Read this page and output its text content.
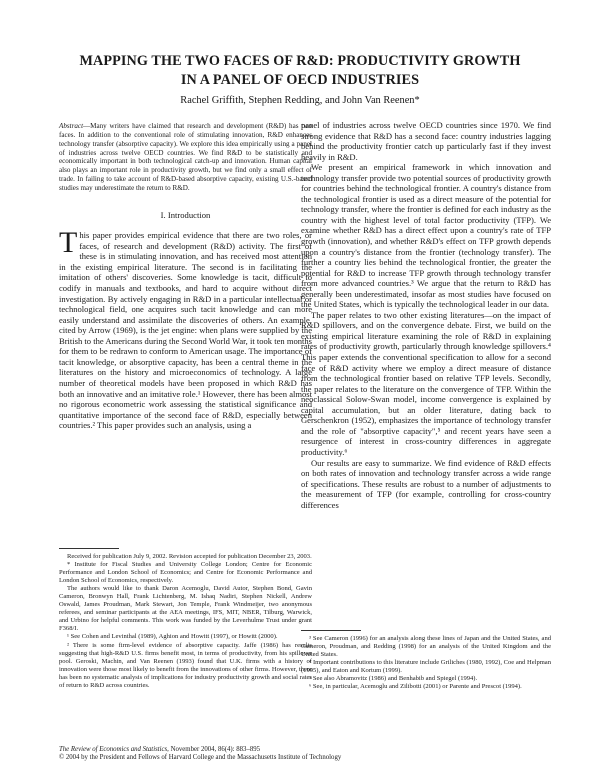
MAPPING THE TWO FACES OF R&D: PRODUCTIVITY GROWTH
IN A PANEL OF OECD INDUSTRIES
Rachel Griffith, Stephen Redding, and John Van Reenen*
Abstract—Many writers have claimed that research and development (R&D) has two faces. In addition to the conventional role of stimulating innovation, R&D enhances technology transfer (absorptive capacity). We explore this idea empirically using a panel of industries across twelve OECD countries. We find R&D to be statistically and economically important in both technological catch-up and innovation. Human capital also plays an important role in productivity growth, but we find only a small effect of trade. In failing to take account of R&D-based absorptive capacity, existing U.S.-based studies may underestimate the return to R&D.
I. Introduction
This paper provides empirical evidence that there are two roles, or faces, of research and development (R&D) activity. The first of these is in stimulating innovation, and has received most attention in the existing empirical literature. The second is in facilitating the imitation of others' discoveries. Some knowledge is tacit, difficult to codify in manuals and textbooks, and hard to acquire without direct investigation. By actively engaging in R&D in a particular intellectual or technological field, one acquires such tacit knowledge and can more easily understand and assimilate the discoveries of others. An example, cited by Arrow (1969), is the jet engine: when plans were supplied by the British to the Americans during the Second World War, it took ten months for them to be redrawn to conform to American usage. The importance of tacit knowledge, or absorptive capacity, has been a central theme in the literatures on the history and microeconomics of technology. A large number of theoretical models have been proposed in which R&D has both an innovative and an imitative role.¹ However, there has been almost no rigorous econometric work assessing the statistical significance and quantitative importance of the second face of R&D, especially between countries.² This paper provides such an analysis, using a

Received for publication July 9, 2002. Revision accepted for publication December 23, 2003.

* Institute for Fiscal Studies and University College London; Centre for Economic Performance and London School of Economics; and Centre for Economic Performance and London School of Economics, respectively.

The authors would like to thank Daron Acemoglu, David Autor, Stephen Bond, Gavin Cameron, Bronwyn Hall, Frank Lichtenberg, M. Ishaq Nadiri, Stephen Nickell, Andrew Oswald, James Proudman, Mark Stewart, Jon Temple, Frank Windmeijer, two anonymous referees, and seminar participants at the AEA meetings, IFS, MIT, NBER, Tilburg, Warwick, and Urbino for helpful comments. This work was funded by the Leverhulme Trust under grant F368/I.

¹ See Cohen and Levinthal (1989), Aghion and Howitt (1997), or Howitt (2000).

² There is some firm-level evidence of absorptive capacity. Jaffe (1986) has results suggesting that high-R&D U.S. firms benefit most, in terms of productivity, from his spillover pool. Geroski, Machin, and Van Reenen (1993) found that U.K. firms with a history of innovation were those most likely to benefit from the innovations of other firms. However, there has been no systematic analysis of implications for industry productivity growth and social rates of return to R&D across countries.

panel of industries across twelve OECD countries since 1970. We find strong evidence that R&D has a second face: country industries lagging behind the productivity frontier catch up particularly fast if they invest heavily in R&D.

We present an empirical framework in which innovation and technology transfer provide two potential sources of productivity growth for countries behind the technological frontier. A country's distance from the technological frontier is used as a direct measure of the potential for technology transfer, where the frontier is defined for each industry as the country with the highest level of total factor productivity (TFP). We examine whether R&D has a direct effect upon a country's rate of TFP growth (innovation), and whether R&D's effect on TFP growth depends upon a country's distance from the frontier (technology transfer). The further a country lies behind the technological frontier, the greater the potential for R&D to increase TFP growth through technology transfer from more advanced countries.³ We argue that the return to R&D has generally been underestimated, insofar as most studies have focused on the United States, which is typically the technological leader in our data.

The paper relates to two other existing literatures—on the impact of R&D spillovers, and on the convergence debate. First, we build on the existing empirical literature examining the role of R&D in explaining rates of productivity growth, particularly through knowledge spillovers.⁴ This paper extends the conventional specification to allow for a second face of R&D activity where we employ a direct measure of distance from the technological frontier based on relative TFP levels. Secondly, the paper relates to the literature on the convergence of TFP. Within the neoclassical Solow-Swan model, income convergence is explained by capital accumulation, but an older literature, dating back to Gerschenkron (1952), emphasizes the importance of technology transfer and the role of "absorptive capacity",⁵ and recent years have seen a resurgence of interest in cross-country differences in aggregate productivity.⁶

Our results are easy to summarize. We find evidence of R&D effects on both rates of innovation and technology transfer across a wide range of specifications. These results are robust to a number of adjustments to the measurement of TFP (for example, controlling for cross-country differences

³ See Cameron (1996) for an analysis along these lines of Japan and the United States, and Cameron, Proudman, and Redding (1998) for an analysis of the United Kingdom and the United States.

⁴ Important contributions to this literature include Griliches (1980, 1992), Coe and Helpman (1995), and Eaton and Kortum (1999).

⁵ See also Abramovitz (1986) and Benhabib and Spiegel (1994).

⁶ See, in particular, Acemoglu and Zilibotti (2001) or Parente and Prescot (1994).

The Review of Economics and Statistics, November 2004, 86(4): 883–895
© 2004 by the President and Fellows of Harvard College and the Massachusetts Institute of Technology
